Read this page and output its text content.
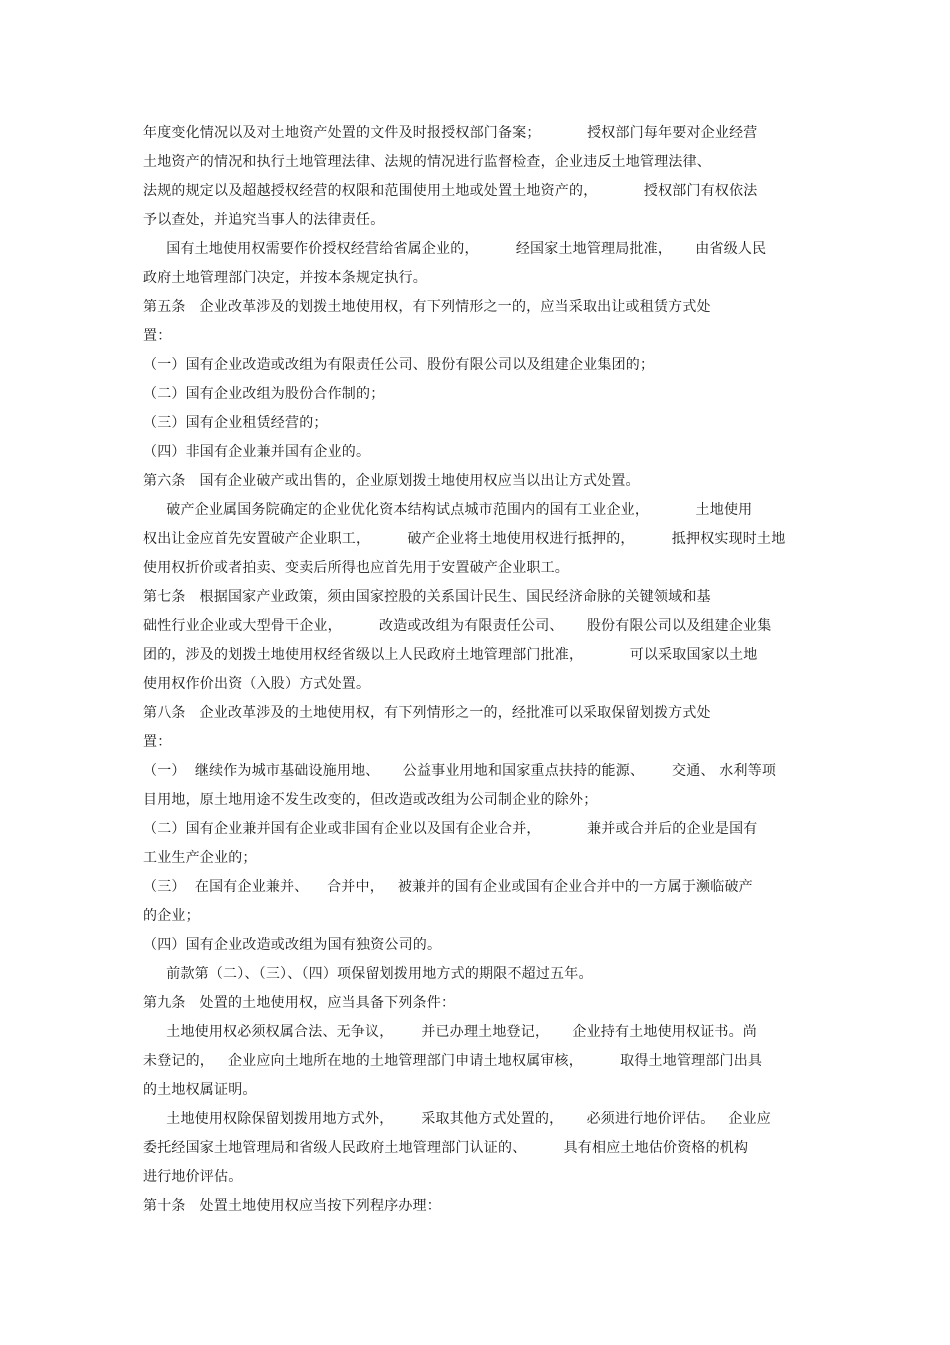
年度变化情况以及对土地资产处置的文件及时报授权部门备案；          授权部门每年要对企业经营
土地资产的情况和执行土地管理法律、法规的情况进行监督检查，企业违反土地管理法律、
法规的规定以及超越授权经营的权限和范围使用土地或处置土地资产的，          授权部门有权依法
予以查处，并追究当事人的法律责任。
国有土地使用权需要作价授权经营给省属企业的，        经国家土地管理局批准，     由省级人民
政府土地管理部门决定，并按本条规定执行。
第五条   企业改革涉及的划拨土地使用权，有下列情形之一的，应当采取出让或租赁方式处
置：
（一）国有企业改造或改组为有限责任公司、股份有限公司以及组建企业集团的；
（二）国有企业改组为股份合作制的；
（三）国有企业租赁经营的；
（四）非国有企业兼并国有企业的。
第六条   国有企业破产或出售的，企业原划拨土地使用权应当以出让方式处置。
破产企业属国务院确定的企业优化资本结构试点城市范围内的国有工业企业，          土地使用
权出让金应首先安置破产企业职工，        破产企业将土地使用权进行抵押的，        抵押权实现时土地
使用权折价或者拍卖、变卖后所得也应首先用于安置破产企业职工。
第七条   根据国家产业政策，须由国家控股的关系国计民生、国民经济命脉的关键领域和基
础性行业企业或大型骨干企业，        改造或改组为有限责任公司、     股份有限公司以及组建企业集
团的，涉及的划拨土地使用权经省级以上人民政府土地管理部门批准，          可以采取国家以土地
使用权作价出资（入股）方式处置。
第八条   企业改革涉及的土地使用权，有下列情形之一的，经批准可以采取保留划拨方式处
置：
（一）  继续作为城市基础设施用地、     公益事业用地和国家重点扶持的能源、      交通、 水利等项
目用地，原土地用途不发生改变的，但改造或改组为公司制企业的除外；
（二）国有企业兼并国有企业或非国有企业以及国有企业合并，          兼并或合并后的企业是国有
工业生产企业的；
（三）  在国有企业兼并、    合并中，   被兼并的国有企业或国有企业合并中的一方属于濒临破产
的企业；
（四）国有企业改造或改组为国有独资公司的。
前款第（二）、（三）、（四）项保留划拨用地方式的期限不超过五年。
第九条   处置的土地使用权，应当具备下列条件：
土地使用权必须权属合法、无争议，      并已办理土地登记，     企业持有土地使用权证书。尚
未登记的，   企业应向土地所在地的土地管理部门申请土地权属审核，        取得土地管理部门出具
的土地权属证明。
土地使用权除保留划拨用地方式外，      采取其他方式处置的，     必须进行地价评估。   企业应
委托经国家土地管理局和省级人民政府土地管理部门认证的、        具有相应土地估价资格的机构
进行地价评估。
第十条   处置土地使用权应当按下列程序办理：
